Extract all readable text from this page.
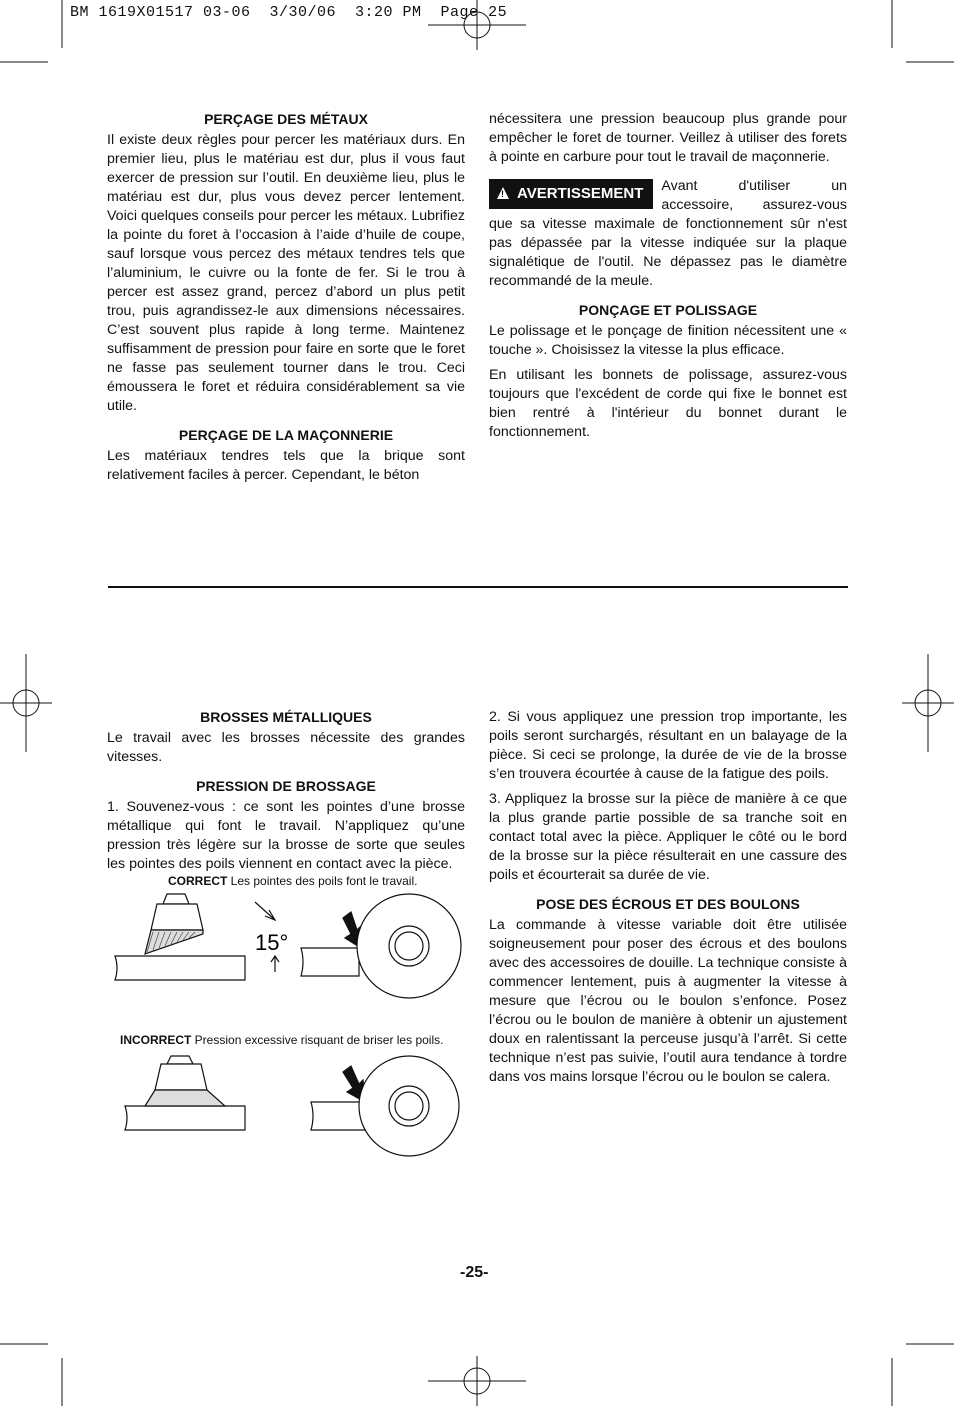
BM 1619X01517 03-06  3/30/06  3:20 PM  Page 25
PERÇAGE DES MÉTAUX

Il existe deux règles pour percer les matériaux durs. En premier lieu, plus le matériau est dur, plus il vous faut exercer de pression sur l’outil. En deuxième lieu, plus le matériau est dur, plus vous devez percer lentement. Voici quelques conseils pour percer les métaux. Lubrifiez la pointe du foret à l’occasion à l’aide d’huile de coupe, sauf lorsque vous percez des métaux tendres tels que l’aluminium, le cuivre ou la fonte de fer. Si le trou à percer est assez grand, percez d’abord un plus petit trou, puis agrandissez-le aux dimensions nécessaires. C’est souvent plus rapide à long terme. Maintenez suffisamment de pression pour faire en sorte que le foret ne fasse pas seulement tourner dans le trou. Ceci émoussera le foret et réduira considérablement sa vie utile.

PERÇAGE DE LA MAÇONNERIE

Les matériaux tendres tels que la brique sont relativement faciles à percer. Cependant, le béton

nécessitera une pression beaucoup plus grande pour empêcher le foret de tourner. Veillez à utiliser des forets à pointe en carbure pour tout le travail de maçonnerie.

! AVERTISSEMENT	Avant d'utiliser un accessoire, assurez-vous que sa vitesse maximale de fonctionnement sûr n'est pas dépassée par la vitesse indiquée sur la plaque signalétique de l'outil. Ne dépassez pas le diamètre recommandé de la meule.

PONÇAGE ET POLISSAGE

Le polissage et le ponçage de finition nécessitent une « touche ». Choisissez la vitesse la plus efficace.

En utilisant les bonnets de polissage, assurez-vous toujours que l'excédent de corde qui fixe le bonnet est bien rentré à l'intérieur du bonnet durant le fonctionnement.

BROSSES MÉTALLIQUES

Le travail avec les brosses nécessite des grandes vitesses.

PRESSION DE BROSSAGE

1. Souvenez-vous : ce sont les pointes d’une brosse métallique qui font le travail. N’appliquez qu’une pression très légère sur la brosse de sorte que seules les pointes des poils viennent en contact avec la pièce.

CORRECT Les pointes des poils font le travail.
15°
INCORRECT Pression excessive risquant de briser les poils.

2. Si vous appliquez une pression trop importante, les poils seront surchargés, résultant en un balayage de la pièce. Si ceci se prolonge, la durée de vie de la brosse s’en trouvera écourtée à cause de la fatigue des poils.

3. Appliquez la brosse sur la pièce de manière à ce que la plus grande partie possible de sa tranche soit en contact total avec la pièce. Appliquer le côté ou le bord de la brosse sur la pièce résulterait en une cassure des poils et écourterait sa durée de vie.

POSE DES ÉCROUS ET DES BOULONS

La commande à vitesse variable doit être utilisée soigneusement pour poser des écrous et des boulons avec des accessoires de douille. La technique consiste à commencer lentement, puis à augmenter la vitesse à mesure que l’écrou ou le boulon s’enfonce. Posez l’écrou ou le boulon de manière à obtenir un ajustement doux en ralentissant la perceuse jusqu’à l’arrêt. Si cette technique n’est pas suivie, l’outil aura tendance à tordre dans vos mains lorsque l’écrou ou le boulon se calera.

-25-
